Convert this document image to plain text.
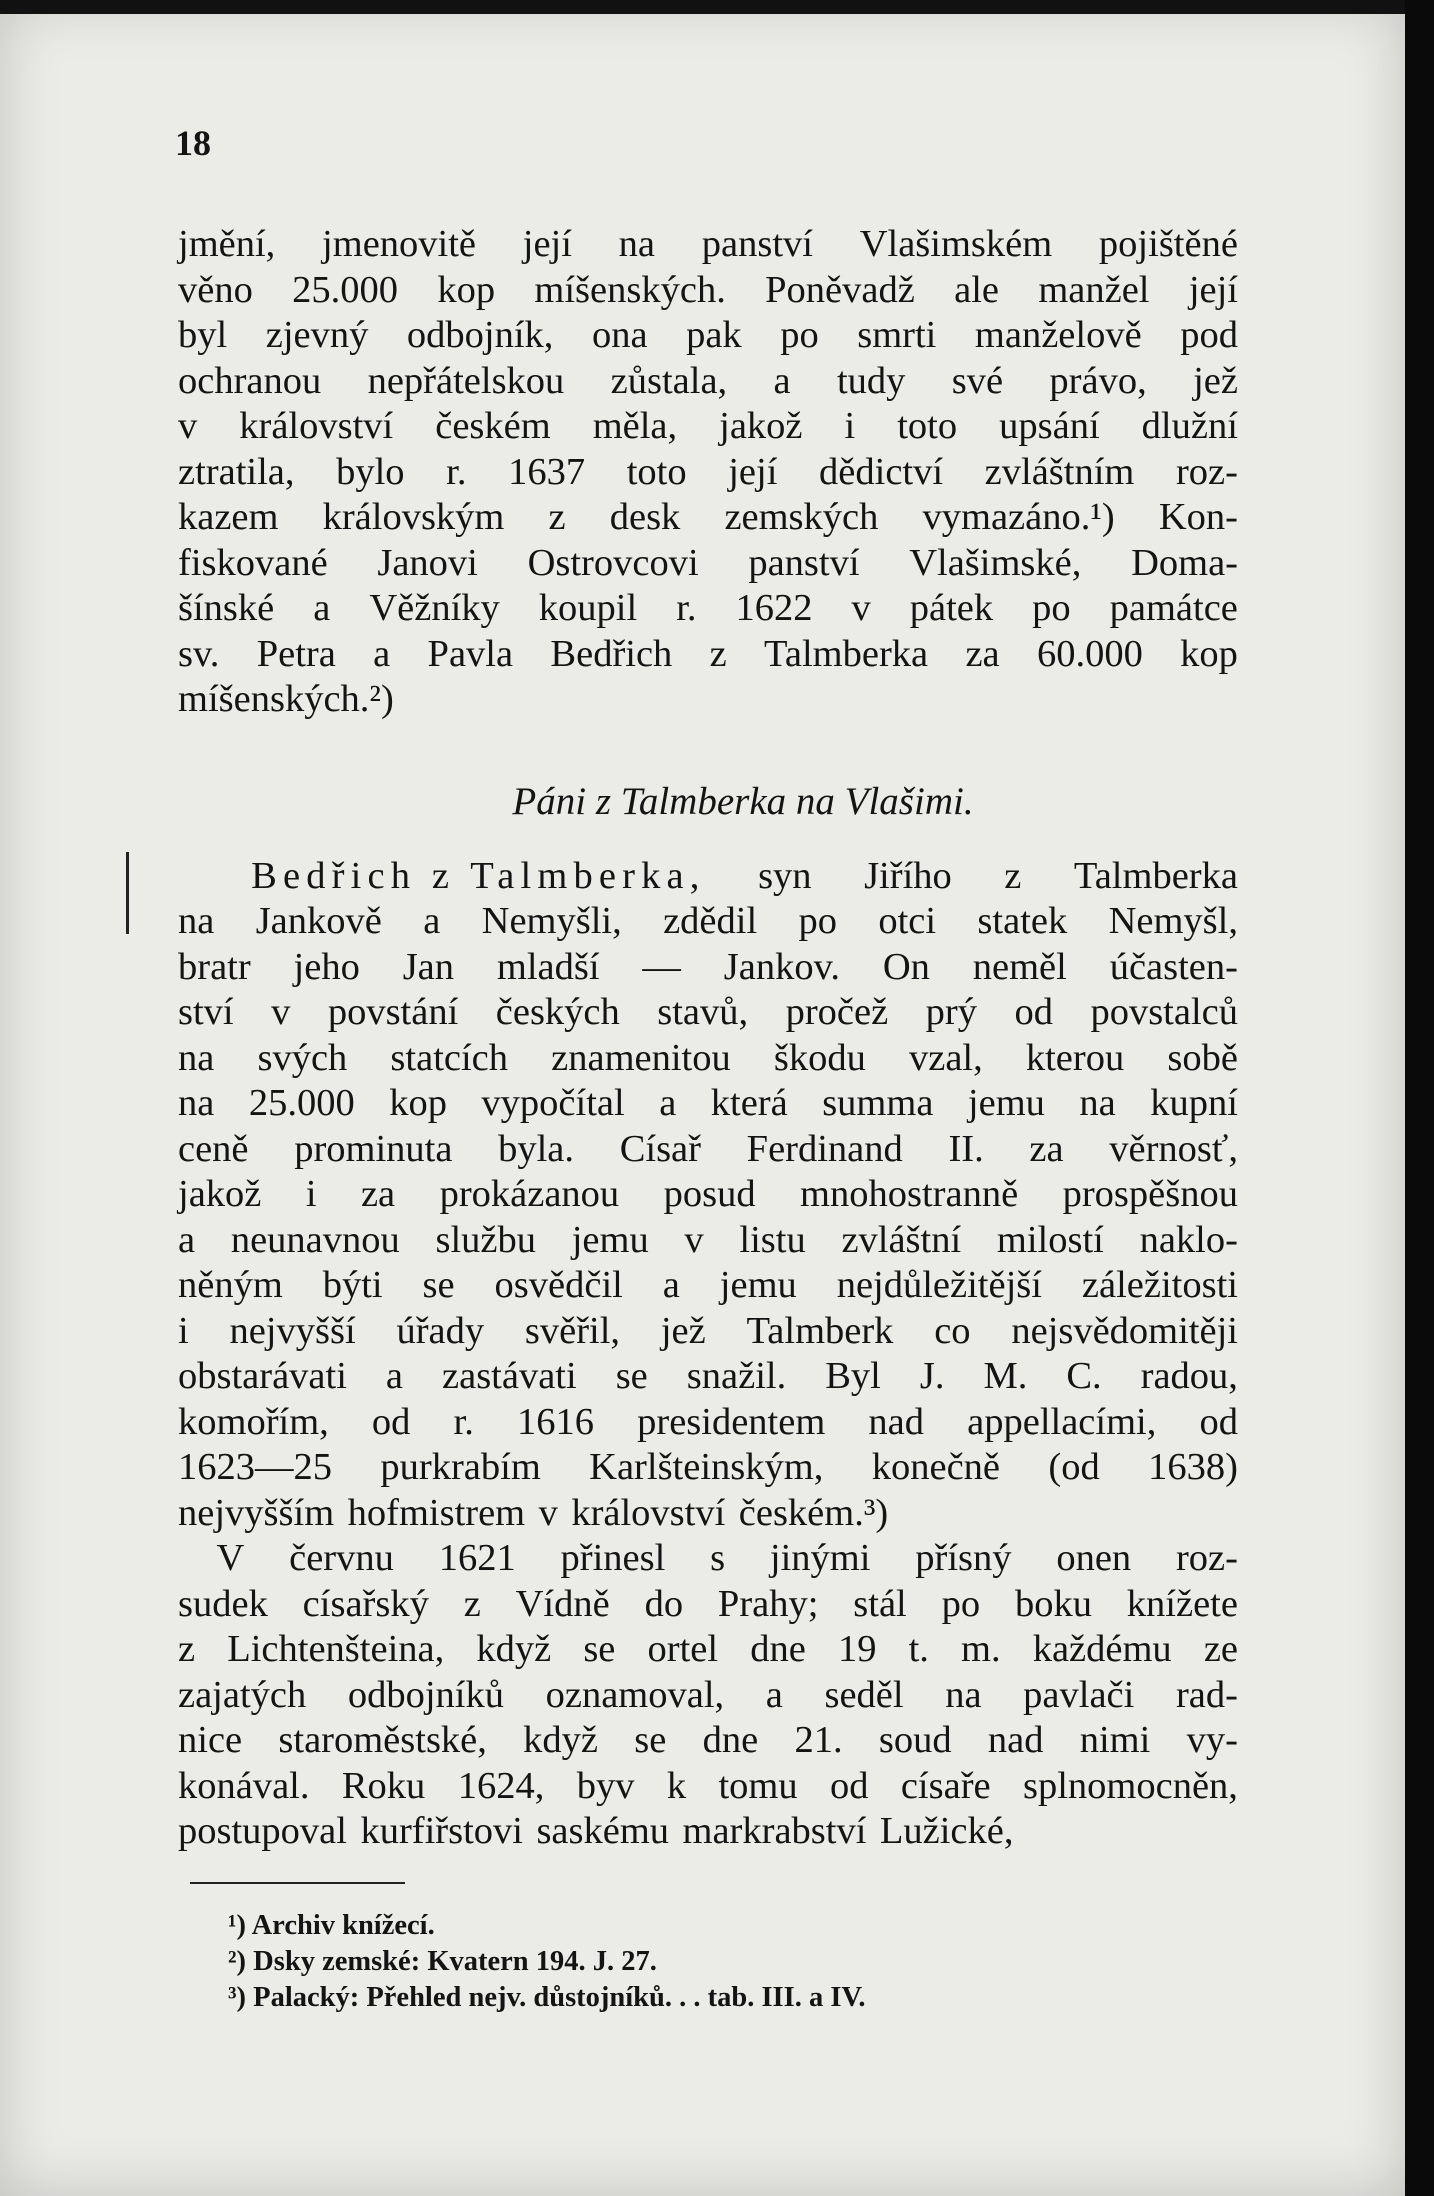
18
jmění, jmenovitě její na panství Vlašimském pojištěné
věno 25.000 kop míšenských. Poněvadž ale manžel její
byl zjevný odbojník, ona pak po smrti manželově pod
ochranou nepřátelskou zůstala, a tudy své právo, jež
v království českém měla, jakož i toto upsání dlužní
ztratila, bylo r. 1637 toto její dědictví zvláštním roz-
kazem královským z desk zemských vymazáno.¹) Kon-
fiskované Janovi Ostrovcovi panství Vlašimské, Doma-
šínské a Věžníky koupil r. 1622 v pátek po památce
sv. Petra a Pavla Bedřich z Talmberka za 60.000 kop
míšenských.²)
Páni z Talmberka na Vlašimi.
Bedřich z Talmberka, syn Jiřího z Talmberka
na Jankově a Nemyšli, zdědil po otci statek Nemyšl,
bratr jeho Jan mladší — Jankov. On neměl účasten-
ství v povstání českých stavů, pročež prý od povstalců
na svých statcích znamenitou škodu vzal, kterou sobě
na 25.000 kop vypočítal a která summa jemu na kupní
ceně prominuta byla. Císař Ferdinand II. za věrnosť,
jakož i za prokázanou posud mnohostranně prospěšnou
a neunavnou službu jemu v listu zvláštní milostí naklo-
něným býti se osvědčil a jemu nejdůležitější záležitosti
i nejvyšší úřady svěřil, jež Talmberk co nejsvědomitěji
obstarávati a zastávati se snažil. Byl J. M. C. radou,
komořím, od r. 1616 presidentem nad appellacími, od
1623—25 purkrabím Karlšteinským, konečně (od 1638)
nejvyšším hofmistrem v království českém.³)
V červnu 1621 přinesl s jinými přísný onen roz-
sudek císařský z Vídně do Prahy; stál po boku knížete
z Lichtenšteina, když se ortel dne 19 t. m. každému ze
zajatých odbojníků oznamoval, a seděl na pavlači rad-
nice staroměstské, když se dne 21. soud nad nimi vy-
konával. Roku 1624, byv k tomu od císaře splnomocněn,
postupoval kurfiřstovi saskému markrabství Lužické,
¹) Archiv knížecí.
²) Dsky zemské: Kvatern 194. J. 27.
³) Palacký: Přehled nejv. důstojníků. . . tab. III. a IV.
